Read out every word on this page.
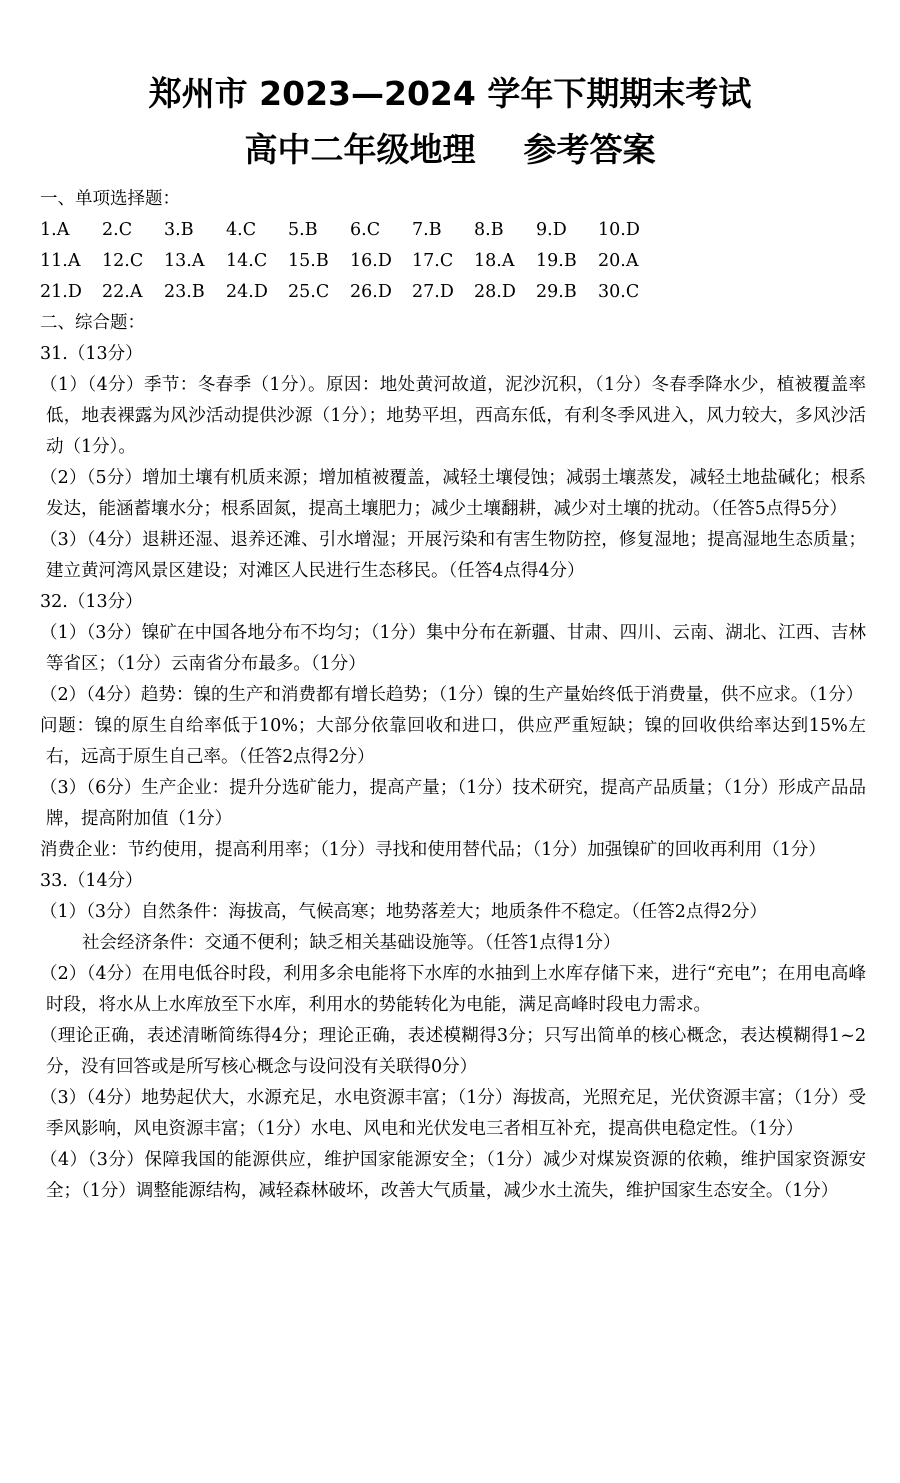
郑州市 2023—2024 学年下期期末考试
高中二年级地理 参考答案

一、单项选择题：

1.A	2.C	3.B	4.C	5.B	6.C	7.B	8.B	9.D	10.D
11.A	12.C	13.A	14.C	15.B	16.D	17.C	18.A	19.B	20.A
21.D	22.A	23.B	24.D	25.C	26.D	27.D	28.D	29.B	30.C

二、综合题：

31.（13分）

（1）（4分）季节：冬春季（1分）。原因：地处黄河故道，泥沙沉积，（1分）冬春季降水少，植被覆盖率低，地表裸露为风沙活动提供沙源（1分）；地势平坦，西高东低，有利冬季风进入，风力较大，多风沙活动（1分）。

（2）（5分）增加土壤有机质来源；增加植被覆盖，减轻土壤侵蚀；减弱土壤蒸发，减轻土地盐碱化；根系发达，能涵蓄壤水分；根系固氮，提高土壤肥力；减少土壤翻耕，减少对土壤的扰动。（任答5点得5分）

（3）（4分）退耕还湿、退养还滩、引水增湿；开展污染和有害生物防控，修复湿地；提高湿地生态质量；建立黄河湾风景区建设；对滩区人民进行生态移民。（任答4点得4分）

32.（13分）

（1）（3分）镍矿在中国各地分布不均匀；（1分）集中分布在新疆、甘肃、四川、云南、湖北、江西、吉林等省区；（1分）云南省分布最多。（1分）

（2）（4分）趋势：镍的生产和消费都有增长趋势；（1分）镍的生产量始终低于消费量，供不应求。（1分）

问题：镍的原生自给率低于10%；大部分依靠回收和进口，供应严重短缺；镍的回收供给率达到15%左右，远高于原生自己率。（任答2点得2分）

（3）（6分）生产企业：提升分选矿能力，提高产量；（1分）技术研究，提高产品质量；（1分）形成产品品牌，提高附加值（1分）

消费企业：节约使用，提高利用率；（1分）寻找和使用替代品；（1分）加强镍矿的回收再利用（1分）

33.（14分）

（1）（3分）自然条件：海拔高，气候高寒；地势落差大；地质条件不稳定。（任答2点得2分）

社会经济条件：交通不便利；缺乏相关基础设施等。（任答1点得1分）

（2）（4分）在用电低谷时段，利用多余电能将下水库的水抽到上水库存储下来，进行“充电”；在用电高峰时段，将水从上水库放至下水库，利用水的势能转化为电能，满足高峰时段电力需求。

（理论正确，表述清晰简练得4分；理论正确，表述模糊得3分；只写出简单的核心概念，表达模糊得1~2分，没有回答或是所写核心概念与设问没有关联得0分）

（3）（4分）地势起伏大，水源充足，水电资源丰富；（1分）海拔高，光照充足，光伏资源丰富；（1分）受季风影响，风电资源丰富；（1分）水电、风电和光伏发电三者相互补充，提高供电稳定性。（1分）

（4）（3分）保障我国的能源供应，维护国家能源安全；（1分）减少对煤炭资源的依赖，维护国家资源安全；（1分）调整能源结构，减轻森林破坏，改善大气质量，减少水土流失，维护国家生态安全。（1分）
